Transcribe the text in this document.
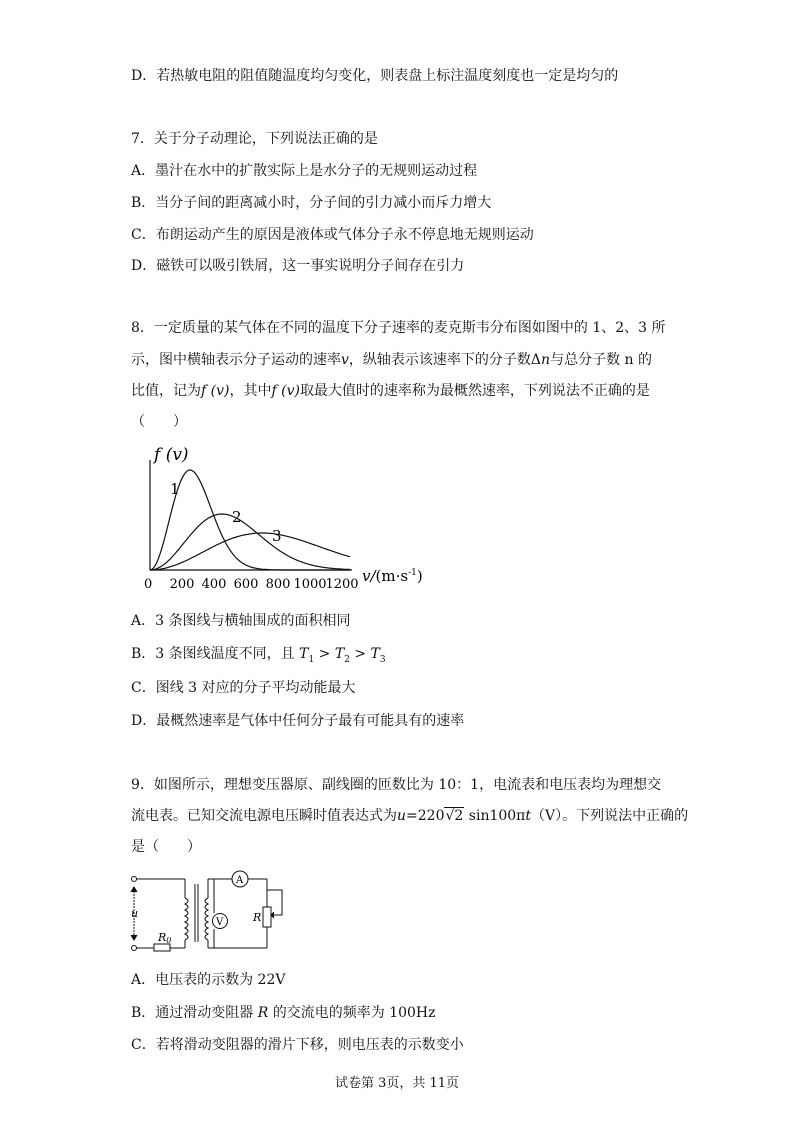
D．若热敏电阻的阻值随温度均匀变化，则表盘上标注温度刻度也一定是均匀的
7．关于分子动理论，下列说法正确的是
A．墨汁在水中的扩散实际上是水分子的无规则运动过程
B．当分子间的距离减小时，分子间的引力减小而斥力增大
C．布朗运动产生的原因是液体或气体分子永不停息地无规则运动
D．磁铁可以吸引铁屑，这一事实说明分子间存在引力
8．一定质量的某气体在不同的温度下分子速率的麦克斯韦分布图如图中的 1、2、3 所
示，图中横轴表示分子运动的速率v，纵轴表示该速率下的分子数Δn与总分子数 n 的
比值，记为f (v)，其中f (v)取最大值时的速率称为最概然速率，下列说法不正确的是
（　　）
f (v)
1
2
3
0 200 400 600 800 1000
1200 $v/(m\cdot s^{-1})$
A．3 条图线与横轴围成的面积相同
B．3 条图线温度不同，且 $T_1 > T_2 > T_3$
C．图线 3 对应的分子平均动能最大
D．最概然速率是气体中任何分子最有可能具有的速率
9．如图所示，理想变压器原、副线圈的匝数比为 10：1，电流表和电压表均为理想交
流电表。已知交流电源电压瞬时值表达式为u=220√2 sin100πt（V）。下列说法中正确的
是（　　）
u
R0
A
V	R
A．电压表的示数为 22V
B．通过滑动变阻器 R 的交流电的频率为 100Hz
C．若将滑动变阻器的滑片下移，则电压表的示数变小
试卷第 3页，共 11页
